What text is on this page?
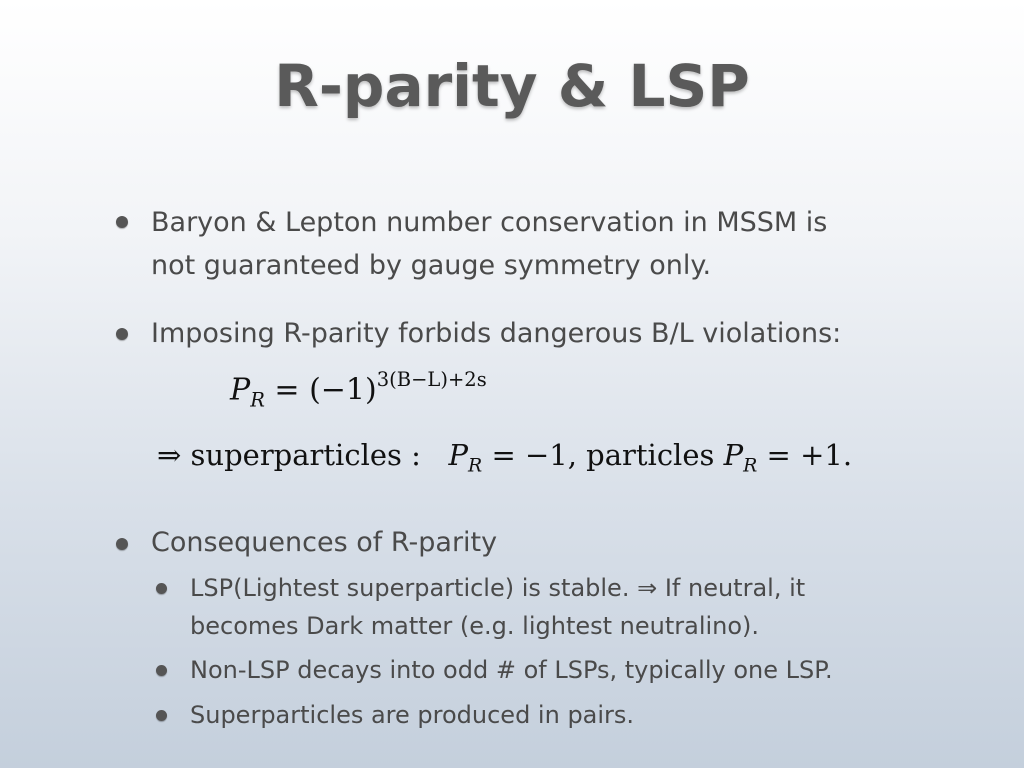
R-parity & LSP
Baryon & Lepton number conservation in MSSM is
not guaranteed by gauge symmetry only.
Imposing R-parity forbids dangerous B/L violations:
$P_R = (-1)^{3(B-L)+2s}$
⇒ superparticles : $P_R = -1$, particles $P_R = +1$.
Consequences of R-parity
LSP(Lightest superparticle) is stable. ⇒ If neutral, it
becomes Dark matter (e.g. lightest neutralino).
Non-LSP decays into odd # of LSPs, typically one LSP.
Superparticles are produced in pairs.
